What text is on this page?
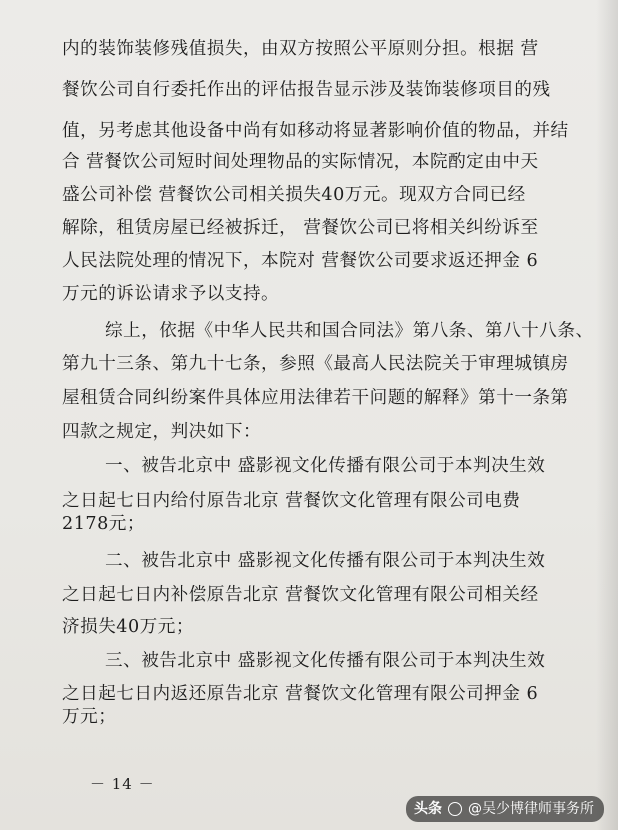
内的装饰装修残值损失，由双方按照公平原则分担。根据 营
餐饮公司自行委托作出的评估报告显示涉及装饰装修项目的残
值，另考虑其他设备中尚有如移动将显著影响价值的物品，并结
合 营餐饮公司短时间处理物品的实际情况，本院酌定由中天
盛公司补偿 营餐饮公司相关损失40万元。现双方合同已经
解除，租赁房屋已经被拆迁， 营餐饮公司已将相关纠纷诉至
人民法院处理的情况下，本院对 营餐饮公司要求返还押金 6
万元的诉讼请求予以支持。
综上，依据《中华人民共和国合同法》第八条、第八十八条、
第九十三条、第九十七条，参照《最高人民法院关于审理城镇房
屋租赁合同纠纷案件具体应用法律若干问题的解释》第十一条第
四款之规定，判决如下：
一、被告北京中 盛影视文化传播有限公司于本判决生效
之日起七日内给付原告北京 营餐饮文化管理有限公司电费
2178元；
二、被告北京中 盛影视文化传播有限公司于本判决生效
之日起七日内补偿原告北京 营餐饮文化管理有限公司相关经
济损失40万元；
三、被告北京中 盛影视文化传播有限公司于本判决生效
之日起七日内返还原告北京 营餐饮文化管理有限公司押金 6
万元；
－ 14 －
头条 @吴少博律师事务所
